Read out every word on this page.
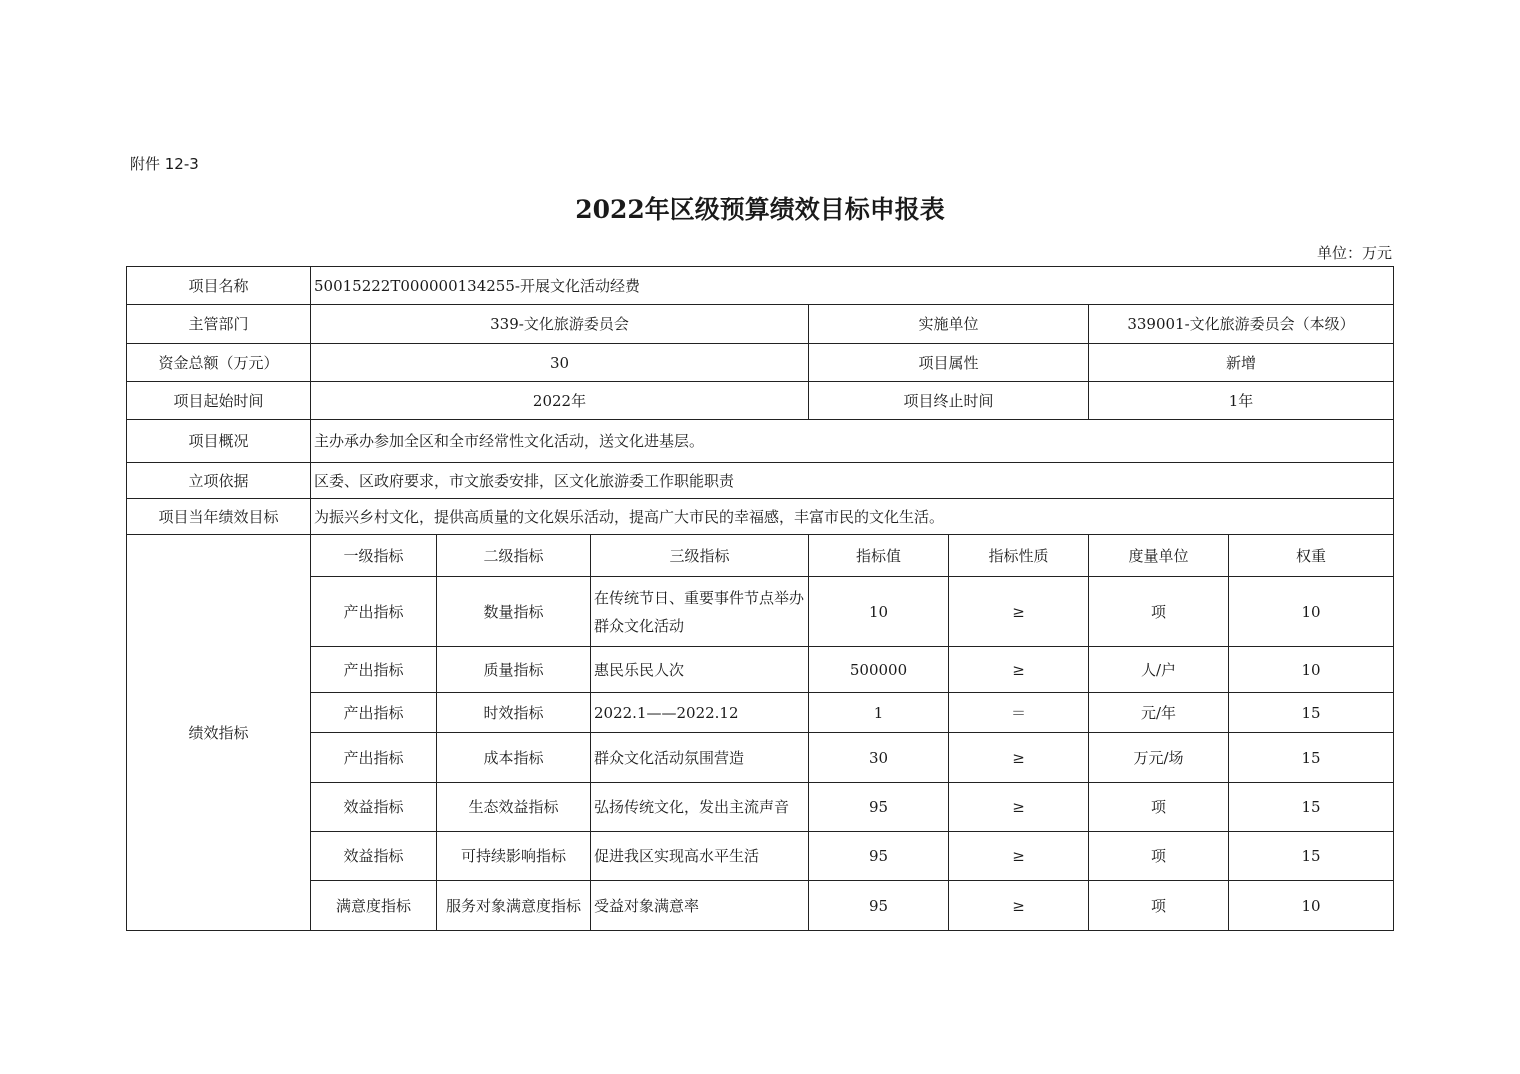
附件 12-3
2022年区级预算绩效目标申报表
单位：万元
项目名称	50015222T000000134255-开展文化活动经费						
主管部门	339-文化旅游委员会			实施单位		339001-文化旅游委员会（本级）	
资金总额（万元）	30			项目属性		新增	
项目起始时间	2022年			项目终止时间		1年	
项目概况	主办承办参加全区和全市经常性文化活动，送文化进基层。						
立项依据	区委、区政府要求，市文旅委安排，区文化旅游委工作职能职责						
项目当年绩效目标	为振兴乡村文化，提供高质量的文化娱乐活动，提高广大市民的幸福感，丰富市民的文化生活。						
绩效指标	一级指标	二级指标	三级指标	指标值	指标性质	度量单位	权重
	产出指标	数量指标	在传统节日、重要事件节点举办群众文化活动	10	≥	项	10
	产出指标	质量指标	惠民乐民人次	500000	≥	人/户	10
	产出指标	时效指标	2022.1——2022.12	1	＝	元/年	15
	产出指标	成本指标	群众文化活动氛围营造	30	≥	万元/场	15
	效益指标	生态效益指标	弘扬传统文化，发出主流声音	95	≥	项	15
	效益指标	可持续影响指标	促进我区实现高水平生活	95	≥	项	15
	满意度指标	服务对象满意度指标	受益对象满意率	95	≥	项	10
